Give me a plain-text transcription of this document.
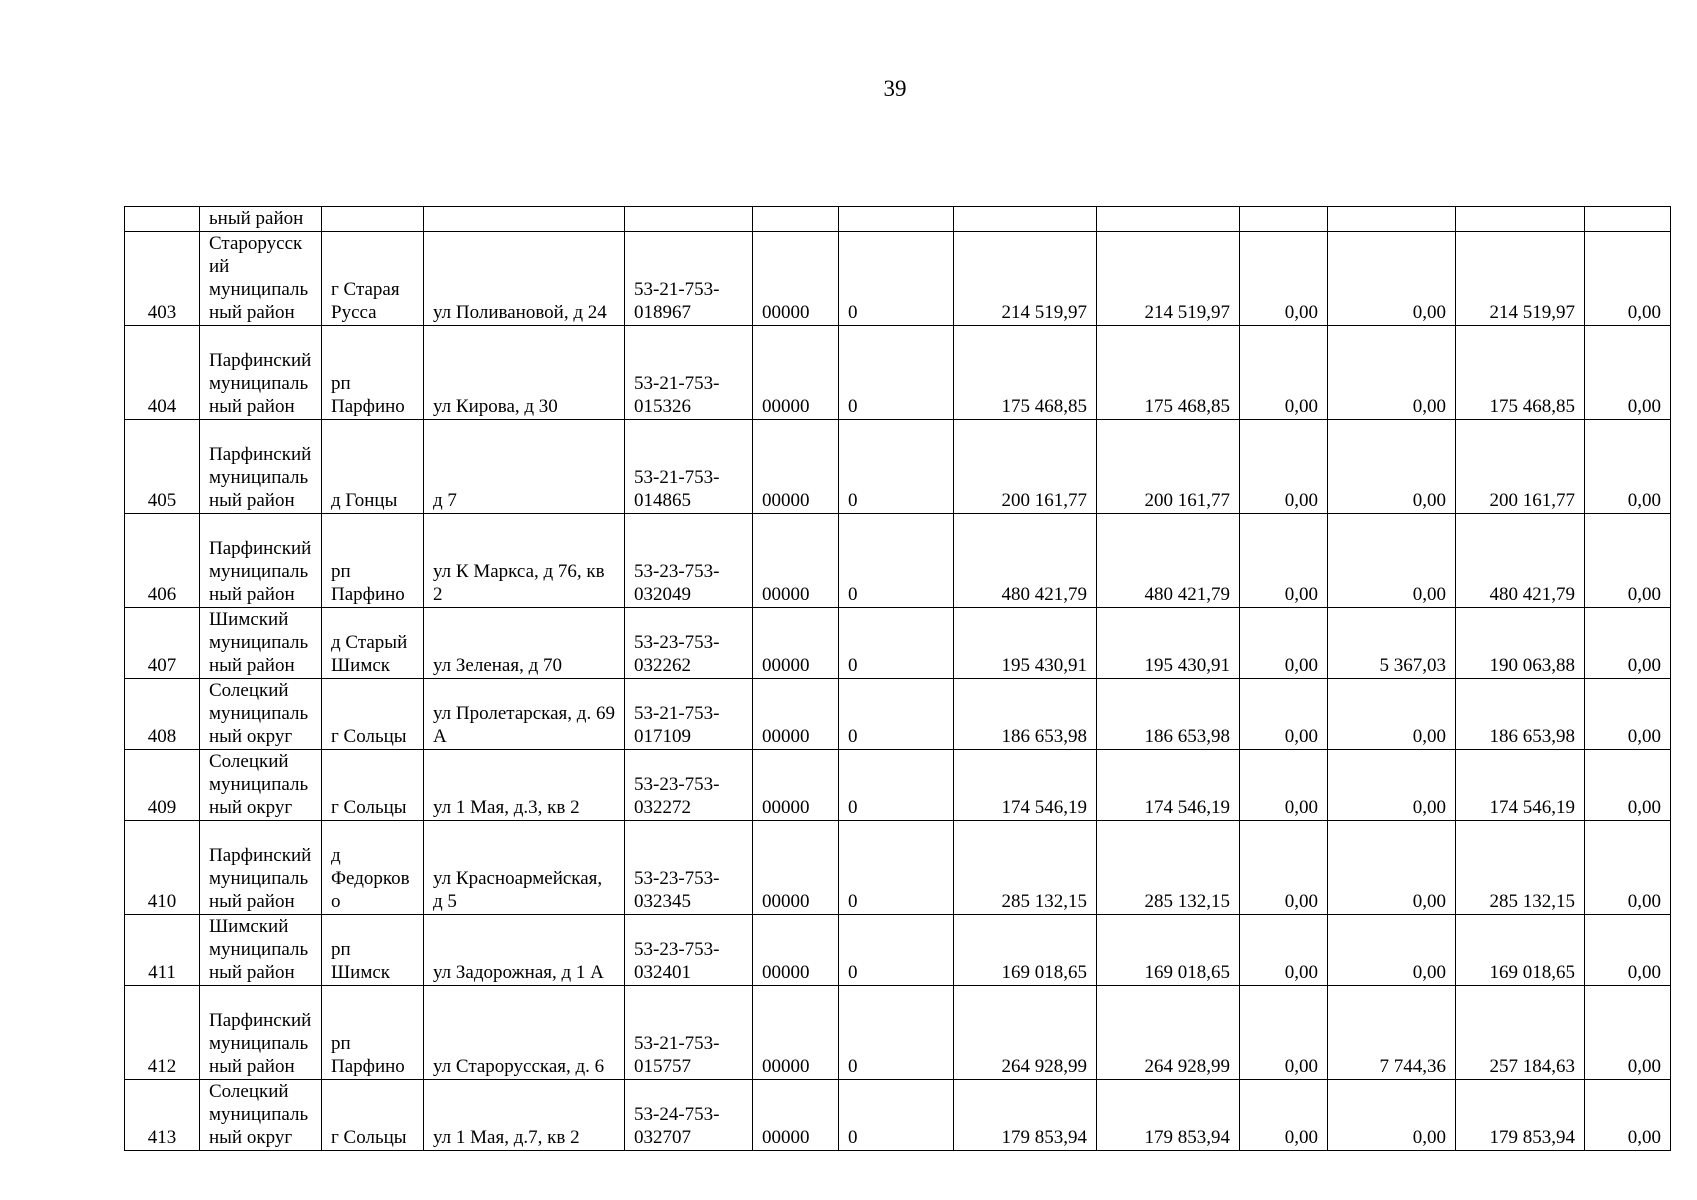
39
	ьный район											
403	Старорусский муниципальный район	г Старая Русса	ул Поливановой, д 24	53-21-753-018967	00000	0	214 519,97	214 519,97	0,00	0,00	214 519,97	0,00
404	Парфинский муниципальный район	рп Парфино	ул Кирова, д 30	53-21-753-015326	00000	0	175 468,85	175 468,85	0,00	0,00	175 468,85	0,00
405	Парфинский муниципальный район	д Гонцы	д 7	53-21-753-014865	00000	0	200 161,77	200 161,77	0,00	0,00	200 161,77	0,00
406	Парфинский муниципальный район	рп Парфино	ул К Маркса, д 76, кв 2	53-23-753-032049	00000	0	480 421,79	480 421,79	0,00	0,00	480 421,79	0,00
407	Шимский муниципальный район	д Старый Шимск	ул Зеленая, д 70	53-23-753-032262	00000	0	195 430,91	195 430,91	0,00	5 367,03	190 063,88	0,00
408	Солецкий муниципальный округ	г Сольцы	ул Пролетарская, д. 69 А	53-21-753-017109	00000	0	186 653,98	186 653,98	0,00	0,00	186 653,98	0,00
409	Солецкий муниципальный округ	г Сольцы	ул 1 Мая, д.3, кв 2	53-23-753-032272	00000	0	174 546,19	174 546,19	0,00	0,00	174 546,19	0,00
410	Парфинский муниципальный район	д Федорково	ул Красноармейская, д 5	53-23-753-032345	00000	0	285 132,15	285 132,15	0,00	0,00	285 132,15	0,00
411	Шимский муниципальный район	рп Шимск	ул Задорожная, д 1 А	53-23-753-032401	00000	0	169 018,65	169 018,65	0,00	0,00	169 018,65	0,00
412	Парфинский муниципальный район	рп Парфино	ул Старорусская, д. 6	53-21-753-015757	00000	0	264 928,99	264 928,99	0,00	7 744,36	257 184,63	0,00
413	Солецкий муниципальный округ	г Сольцы	ул 1 Мая, д.7, кв 2	53-24-753-032707	00000	0	179 853,94	179 853,94	0,00	0,00	179 853,94	0,00
